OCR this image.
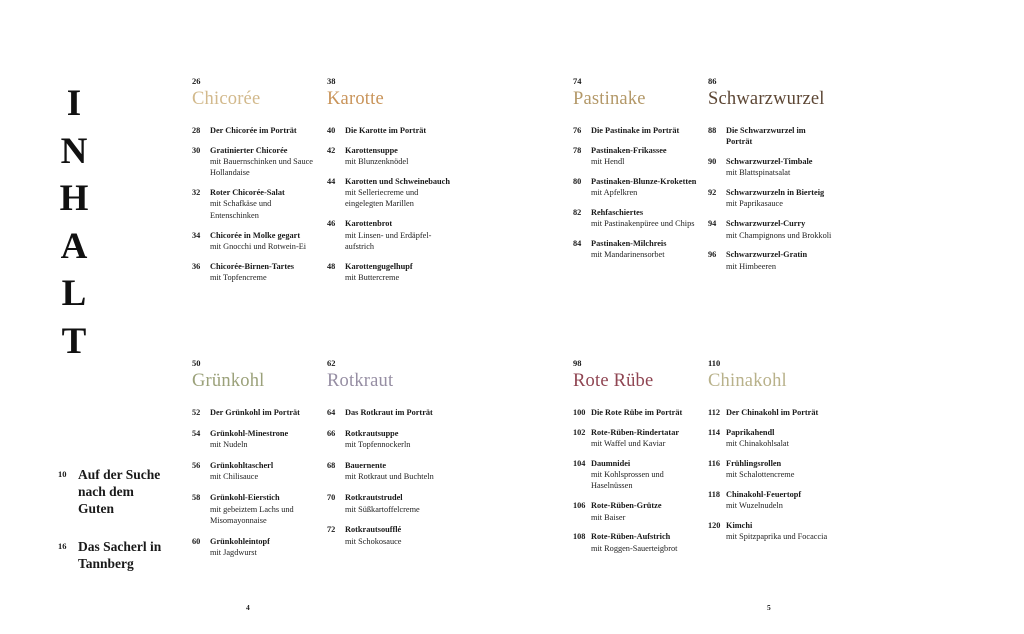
I
N
H
A
L
T
10 Auf der Suche nach dem Guten
16 Das Sacherl in Tannberg
26
Chicorée
28 Der Chicorée im Porträt
30 Gratinierter Chicorée
mit Bauernschinken und Sauce Hollandaise
32 Roter Chicorée-Salat
mit Schafkäse und Entenschinken
34 Chicorée in Molke gegart
mit Gnocchi und Rotwein-Ei
36 Chicorée-Birnen-Tartes
mit Topfencreme
38
Karotte
40 Die Karotte im Porträt
42 Karottensuppe
mit Blunzenknödel
44 Karotten und Schweinebauch
mit Selleriecreme und eingelegten Marillen
46 Karottenbrot
mit Linsen- und Erdäpfel-aufstrich
48 Karottengugelhupf
mit Buttercreme
74
Pastinake
76 Die Pastinake im Porträt
78 Pastinaken-Frikassee
mit Hendl
80 Pastinaken-Blunze-Kroketten
mit Apfelkren
82 Rehfaschiertes
mit Pastinakenpüree und Chips
84 Pastinaken-Milchreis
mit Mandarinensorbet
86
Schwarzwurzel
88 Die Schwarzwurzel im Porträt
90 Schwarzwurzel-Timbale
mit Blattspinatsalat
92 Schwarzwurzeln in Bierteig
mit Paprikasauce
94 Schwarzwurzel-Curry
mit Champignons und Brokkoli
96 Schwarzwurzel-Gratin
mit Himbeeren
50
Grünkohl
52 Der Grünkohl im Porträt
54 Grünkohl-Minestrone
mit Nudeln
56 Grünkohltascherl
mit Chilisauce
58 Grünkohl-Eierstich
mit gebeiztem Lachs und Misomayonnaise
60 Grünkohleintopf
mit Jagdwurst
62
Rotkraut
64 Das Rotkraut im Porträt
66 Rotkrautsuppe
mit Topfennockerln
68 Bauernente
mit Rotkraut und Buchteln
70 Rotkrautstrudel
mit Süßkartoffelcreme
72 Rotkrautsoufflé
mit Schokosauce
98
Rote Rübe
100 Die Rote Rübe im Porträt
102 Rote-Rüben-Rindertatar
mit Waffel und Kaviar
104 Daumnidei
mit Kohlsprossen und Haselnüssen
106 Rote-Rüben-Grütze
mit Baiser
108 Rote-Rüben-Aufstrich
mit Roggen-Sauerteigbrot
110
Chinakohl
112 Der Chinakohl im Porträt
114 Paprikahendl
mit Chinakohlsalat
116 Frühlingsrollen
mit Schalottencreme
118 Chinakohl-Feuertopf
mit Wuzelnudeln
120 Kimchi
mit Spitzpaprika und Focaccia
4	5
